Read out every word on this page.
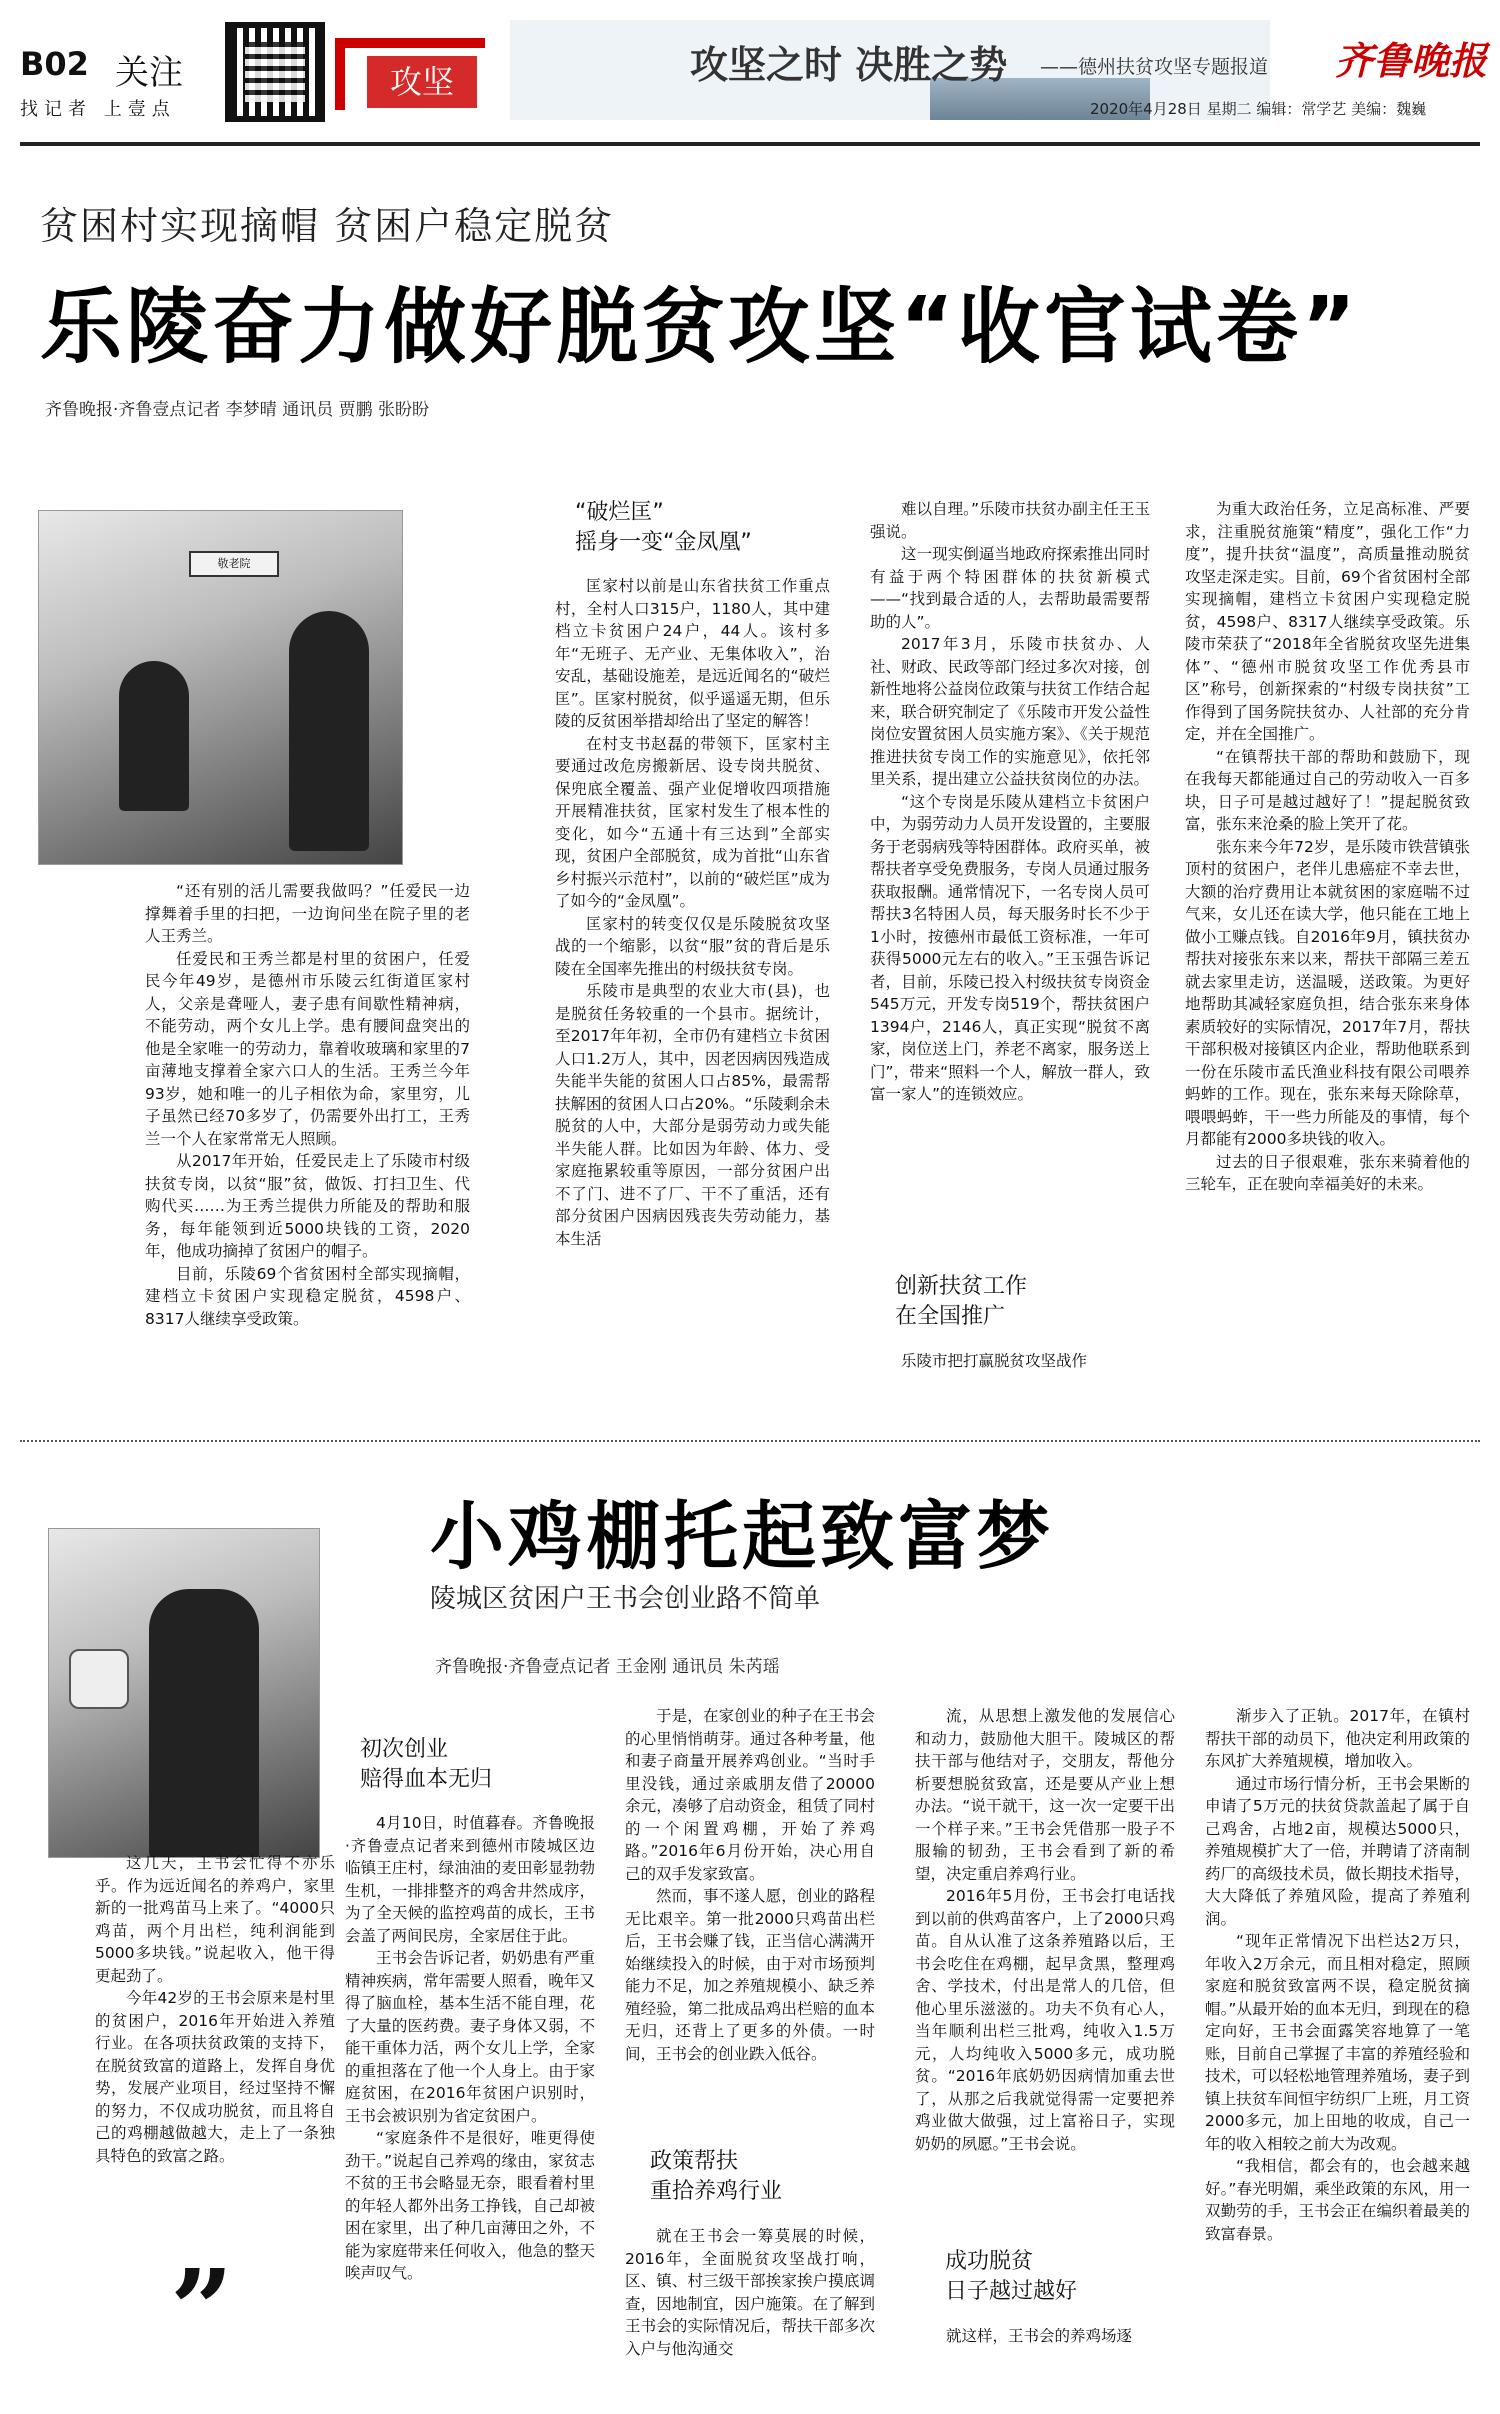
B02 关注
找记者 上壹点
攻坚	攻坚之时 决胜之势 ——德州扶贫攻坚专题报道 齐鲁晚报
2020年4月28日 星期二 编辑：常学艺 美编：魏巍
贫困村实现摘帽 贫困户稳定脱贫
乐陵奋力做好脱贫攻坚“收官试卷”
齐鲁晚报·齐鲁壹点记者 李梦晴 通讯员 贾鹏 张盼盼
敬老院

“还有别的活儿需要我做吗？”任爱民一边撑舞着手里的扫把，一边询问坐在院子里的老人王秀兰。

任爱民和王秀兰都是村里的贫困户，任爱民今年49岁，是德州市乐陵云红街道匡家村人，父亲是聋哑人，妻子患有间歇性精神病，不能劳动，两个女儿上学。患有腰间盘突出的他是全家唯一的劳动力，靠着收玻璃和家里的7亩薄地支撑着全家六口人的生活。王秀兰今年93岁，她和唯一的儿子相依为命，家里穷，儿子虽然已经70多岁了，仍需要外出打工，王秀兰一个人在家常常无人照顾。

从2017年开始，任爱民走上了乐陵市村级扶贫专岗，以贫“服”贫，做饭、打扫卫生、代购代买……为王秀兰提供力所能及的帮助和服务，每年能领到近5000块钱的工资，2020年，他成功摘掉了贫困户的帽子。

目前，乐陵69个省贫困村全部实现摘帽，建档立卡贫困户实现稳定脱贫，4598户、8317人继续享受政策。

“破烂匡”
摇身一变“金凤凰”

匡家村以前是山东省扶贫工作重点村，全村人口315户，1180人，其中建档立卡贫困户24户，44人。该村多年“无班子、无产业、无集体收入”，治安乱，基础设施差，是远近闻名的“破烂匡”。匡家村脱贫，似乎遥遥无期，但乐陵的反贫困举措却给出了坚定的解答！

在村支书赵磊的带领下，匡家村主要通过改危房搬新居、设专岗共脱贫、保兜底全覆盖、强产业促增收四项措施开展精准扶贫，匡家村发生了根本性的变化，如今“五通十有三达到”全部实现，贫困户全部脱贫，成为首批“山东省乡村振兴示范村”，以前的“破烂匡”成为了如今的“金凤凰”。

匡家村的转变仅仅是乐陵脱贫攻坚战的一个缩影，以贫“服”贫的背后是乐陵在全国率先推出的村级扶贫专岗。

乐陵市是典型的农业大市(县)，也是脱贫任务较重的一个县市。据统计，至2017年年初，全市仍有建档立卡贫困人口1.2万人，其中，因老因病因残造成失能半失能的贫困人口占85%，最需帮扶解困的贫困人口占20%。“乐陵剩余未脱贫的人中，大部分是弱劳动力或失能半失能人群。比如因为年龄、体力、受家庭拖累较重等原因，一部分贫困户出不了门、进不了厂、干不了重活，还有部分贫困户因病因残丧失劳动能力，基本生活

难以自理。”乐陵市扶贫办副主任王玉强说。

这一现实倒逼当地政府探索推出同时有益于两个特困群体的扶贫新模式——“找到最合适的人，去帮助最需要帮助的人”。

2017年3月，乐陵市扶贫办、人社、财政、民政等部门经过多次对接，创新性地将公益岗位政策与扶贫工作结合起来，联合研究制定了《乐陵市开发公益性岗位安置贫困人员实施方案》、《关于规范推进扶贫专岗工作的实施意见》，依托邻里关系，提出建立公益扶贫岗位的办法。

“这个专岗是乐陵从建档立卡贫困户中，为弱劳动力人员开发设置的，主要服务于老弱病残等特困群体。政府买单，被帮扶者享受免费服务，专岗人员通过服务获取报酬。通常情况下，一名专岗人员可帮扶3名特困人员，每天服务时长不少于1小时，按德州市最低工资标准，一年可获得5000元左右的收入。”王玉强告诉记者，目前，乐陵已投入村级扶贫专岗资金545万元，开发专岗519个，帮扶贫困户1394户，2146人，真正实现“脱贫不离家，岗位送上门，养老不离家，服务送上门”，带来“照料一个人，解放一群人，致富一家人”的连锁效应。

创新扶贫工作
在全国推广

乐陵市把打赢脱贫攻坚战作

为重大政治任务，立足高标准、严要求，注重脱贫施策“精度”，强化工作“力度”，提升扶贫“温度”，高质量推动脱贫攻坚走深走实。目前，69个省贫困村全部实现摘帽，建档立卡贫困户实现稳定脱贫，4598户、8317人继续享受政策。乐陵市荣获了“2018年全省脱贫攻坚先进集体”、“德州市脱贫攻坚工作优秀县市区”称号，创新探索的“村级专岗扶贫”工作得到了国务院扶贫办、人社部的充分肯定，并在全国推广。

“在镇帮扶干部的帮助和鼓励下，现在我每天都能通过自己的劳动收入一百多块，日子可是越过越好了！”提起脱贫致富，张东来沧桑的脸上笑开了花。

张东来今年72岁，是乐陵市铁营镇张顶村的贫困户，老伴儿患癌症不幸去世，大额的治疗费用让本就贫困的家庭喘不过气来，女儿还在读大学，他只能在工地上做小工赚点钱。自2016年9月，镇扶贫办帮扶对接张东来以来，帮扶干部隔三差五就去家里走访，送温暖，送政策。为更好地帮助其减轻家庭负担，结合张东来身体素质较好的实际情况，2017年7月，帮扶干部积极对接镇区内企业，帮助他联系到一份在乐陵市孟氏渔业科技有限公司喂养蚂蚱的工作。现在，张东来每天除除草，喂喂蚂蚱，干一些力所能及的事情，每个月都能有2000多块钱的收入。

过去的日子很艰难，张东来骑着他的三轮车，正在驶向幸福美好的未来。

小鸡棚托起致富梦
陵城区贫困户王书会创业路不简单
齐鲁晚报·齐鲁壹点记者 王金刚 通讯员 朱芮瑶

这几天，王书会忙得不亦乐乎。作为远近闻名的养鸡户，家里新的一批鸡苗马上来了。“4000只鸡苗，两个月出栏，纯利润能到5000多块钱。”说起收入，他干得更起劲了。

今年42岁的王书会原来是村里的贫困户，2016年开始进入养殖行业。在各项扶贫政策的支持下，在脱贫致富的道路上，发挥自身优势，发展产业项目，经过坚持不懈的努力，不仅成功脱贫，而且将自己的鸡棚越做越大，走上了一条独具特色的致富之路。

”
初次创业
赔得血本无归

4月10日，时值暮春。齐鲁晚报·齐鲁壹点记者来到德州市陵城区边临镇王庄村，绿油油的麦田彰显勃勃生机，一排排整齐的鸡舍井然成序，为了全天候的监控鸡苗的成长，王书会盖了两间民房，全家居住于此。

王书会告诉记者，奶奶患有严重精神疾病，常年需要人照看，晚年又得了脑血栓，基本生活不能自理，花了大量的医药费。妻子身体又弱，不能干重体力活，两个女儿上学，全家的重担落在了他一个人身上。由于家庭贫困，在2016年贫困户识别时，王书会被识别为省定贫困户。

“家庭条件不是很好，唯更得使劲干。”说起自己养鸡的缘由，家贫志不贫的王书会略显无奈，眼看着村里的年轻人都外出务工挣钱，自己却被困在家里，出了种几亩薄田之外，不能为家庭带来任何收入，他急的整天唉声叹气。

于是，在家创业的种子在王书会的心里悄悄萌芽。通过各种考量，他和妻子商量开展养鸡创业。“当时手里没钱，通过亲戚朋友借了20000余元，凑够了启动资金，租赁了同村的一个闲置鸡棚，开始了养鸡路。”2016年6月份开始，决心用自己的双手发家致富。

然而，事不遂人愿，创业的路程无比艰辛。第一批2000只鸡苗出栏后，王书会赚了钱，正当信心满满开始继续投入的时候，由于对市场预判能力不足，加之养殖规模小、缺乏养殖经验，第二批成品鸡出栏赔的血本无归，还背上了更多的外债。一时间，王书会的创业跌入低谷。

政策帮扶
重拾养鸡行业

就在王书会一筹莫展的时候，2016年，全面脱贫攻坚战打响，区、镇、村三级干部挨家挨户摸底调查，因地制宜，因户施策。在了解到王书会的实际情况后，帮扶干部多次入户与他沟通交

流，从思想上激发他的发展信心和动力，鼓励他大胆干。陵城区的帮扶干部与他结对子，交朋友，帮他分析要想脱贫致富，还是要从产业上想办法。“说干就干，这一次一定要干出一个样子来。”王书会凭借那一股子不服输的韧劲，王书会看到了新的希望，决定重启养鸡行业。

2016年5月份，王书会打电话找到以前的供鸡苗客户，上了2000只鸡苗。自从认准了这条养殖路以后，王书会吃住在鸡棚，起早贪黑，整理鸡舍、学技术，付出是常人的几倍，但他心里乐滋滋的。功夫不负有心人，当年顺利出栏三批鸡，纯收入1.5万元，人均纯收入5000多元，成功脱贫。“2016年底奶奶因病情加重去世了，从那之后我就觉得需一定要把养鸡业做大做强，过上富裕日子，实现奶奶的夙愿。”王书会说。

成功脱贫
日子越过越好

就这样，王书会的养鸡场逐

渐步入了正轨。2017年，在镇村帮扶干部的动员下，他决定利用政策的东风扩大养殖规模，增加收入。

通过市场行情分析，王书会果断的申请了5万元的扶贫贷款盖起了属于自己鸡舍，占地2亩，规模达5000只，养殖规模扩大了一倍，并聘请了济南制药厂的高级技术员，做长期技术指导，大大降低了养殖风险，提高了养殖利润。

“现年正常情况下出栏达2万只，年收入2万余元，而且相对稳定，照顾家庭和脱贫致富两不误，稳定脱贫摘帽。”从最开始的血本无归，到现在的稳定向好，王书会面露笑容地算了一笔账，目前自己掌握了丰富的养殖经验和技术，可以轻松地管理养殖场，妻子到镇上扶贫车间恒宇纺织厂上班，月工资2000多元，加上田地的收成，自己一年的收入相较之前大为改观。

“我相信，都会有的，也会越来越好。”春光明媚，乘坐政策的东风，用一双勤劳的手，王书会正在编织着最美的致富春景。
